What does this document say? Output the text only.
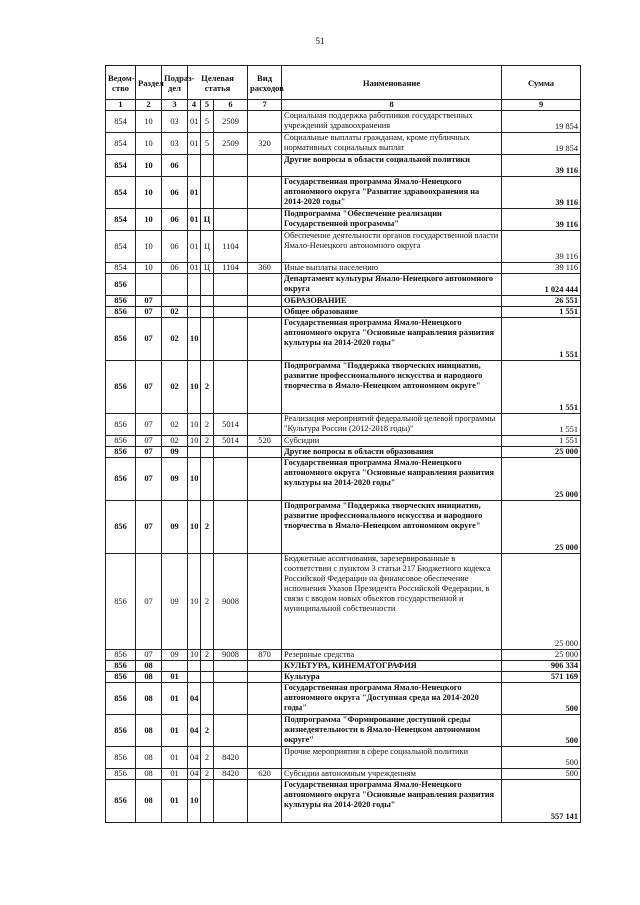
51
Ведом-ство	Раздел	Подраз-дел	Целевая статья			Вид расходов	Наименование	Сумма
1	2	3	4	5	6	7	8	9
854	10	03	01	5	2509		Социальная поддержка работников государственных учреждений здравоохранения	19 854
854	10	03	01	5	2509	320	Социальные выплаты гражданам, кроме публичных нормативных социальных выплат	19 854
854	10	06					Другие вопросы в области социальной политики	39 116
854	10	06	01				Государственная программа Ямало-Ненецкого автономного округа "Развитие здравоохранения на 2014-2020 годы"	39 116
854	10	06	01	Ц			Подпрограмма "Обеспечение реализации Государственной программы"	39 116
854	10	06	01	Ц	1104		Обеспечение деятельности органов государственной власти Ямало-Ненецкого автономного округа	39 116
854	10	06	01	Ц	1104	360	Иные выплаты населению	39 116
856							Департамент культуры Ямало-Ненецкого автономного округа	1 024 444
856	07						ОБРАЗОВАНИЕ	26 551
856	07	02					Общее образование	1 551
856	07	02	10				Государственная программа Ямало-Ненецкого автономного округа "Основные направления развития культуры на 2014-2020 годы"	1 551
856	07	02	10	2			Подпрограмма "Поддержка творческих инициатив, развитие профессионального искусства и народного творчества в Ямало-Ненецком автономном округе"	1 551
856	07	02	10	2	5014		Реализация мероприятий федеральной целевой программы "Культура России (2012-2018 годы)"	1 551
856	07	02	10	2	5014	520	Субсидии	1 551
856	07	09					Другие вопросы в области образования	25 000
856	07	09	10				Государственная программа Ямало-Ненецкого автономного округа "Основные направления развития культуры на 2014-2020 годы"	25 000
856	07	09	10	2			Подпрограмма "Поддержка творческих инициатив, развитие профессионального искусства и народного творчества в Ямало-Ненецком автономном округе"	25 000
856	07	09	10	2	9008		Бюджетные ассигнования, зарезервированные в соответствии с пунктом 3 статьи 217 Бюджетного кодекса Российской Федерации на финансовое обеспечение исполнения Указов Президента Российской Федерации, в связи с вводом новых объектов государственной и муниципальной собственности	25 000
856	07	09	10	2	9008	870	Резервные средства	25 000
856	08						КУЛЬТУРА, КИНЕМАТОГРАФИЯ	906 334
856	08	01					Культура	571 169
856	08	01	04				Государственная программа Ямало-Ненецкого автономного округа "Доступная среда на 2014-2020 годы"	500
856	08	01	04	2			Подпрограмма "Формирование доступной среды жизнедеятельности в Ямало-Ненецком автономном округе"	500
856	08	01	04	2	8420		Прочие мероприятия в сфере социальной политики	500
856	08	01	04	2	8420	620	Субсидии автономным учреждениям	500
856	08	01	10				Государственная программа Ямало-Ненецкого автономного округа "Основные направления развития культуры на 2014-2020 годы"	557 141
